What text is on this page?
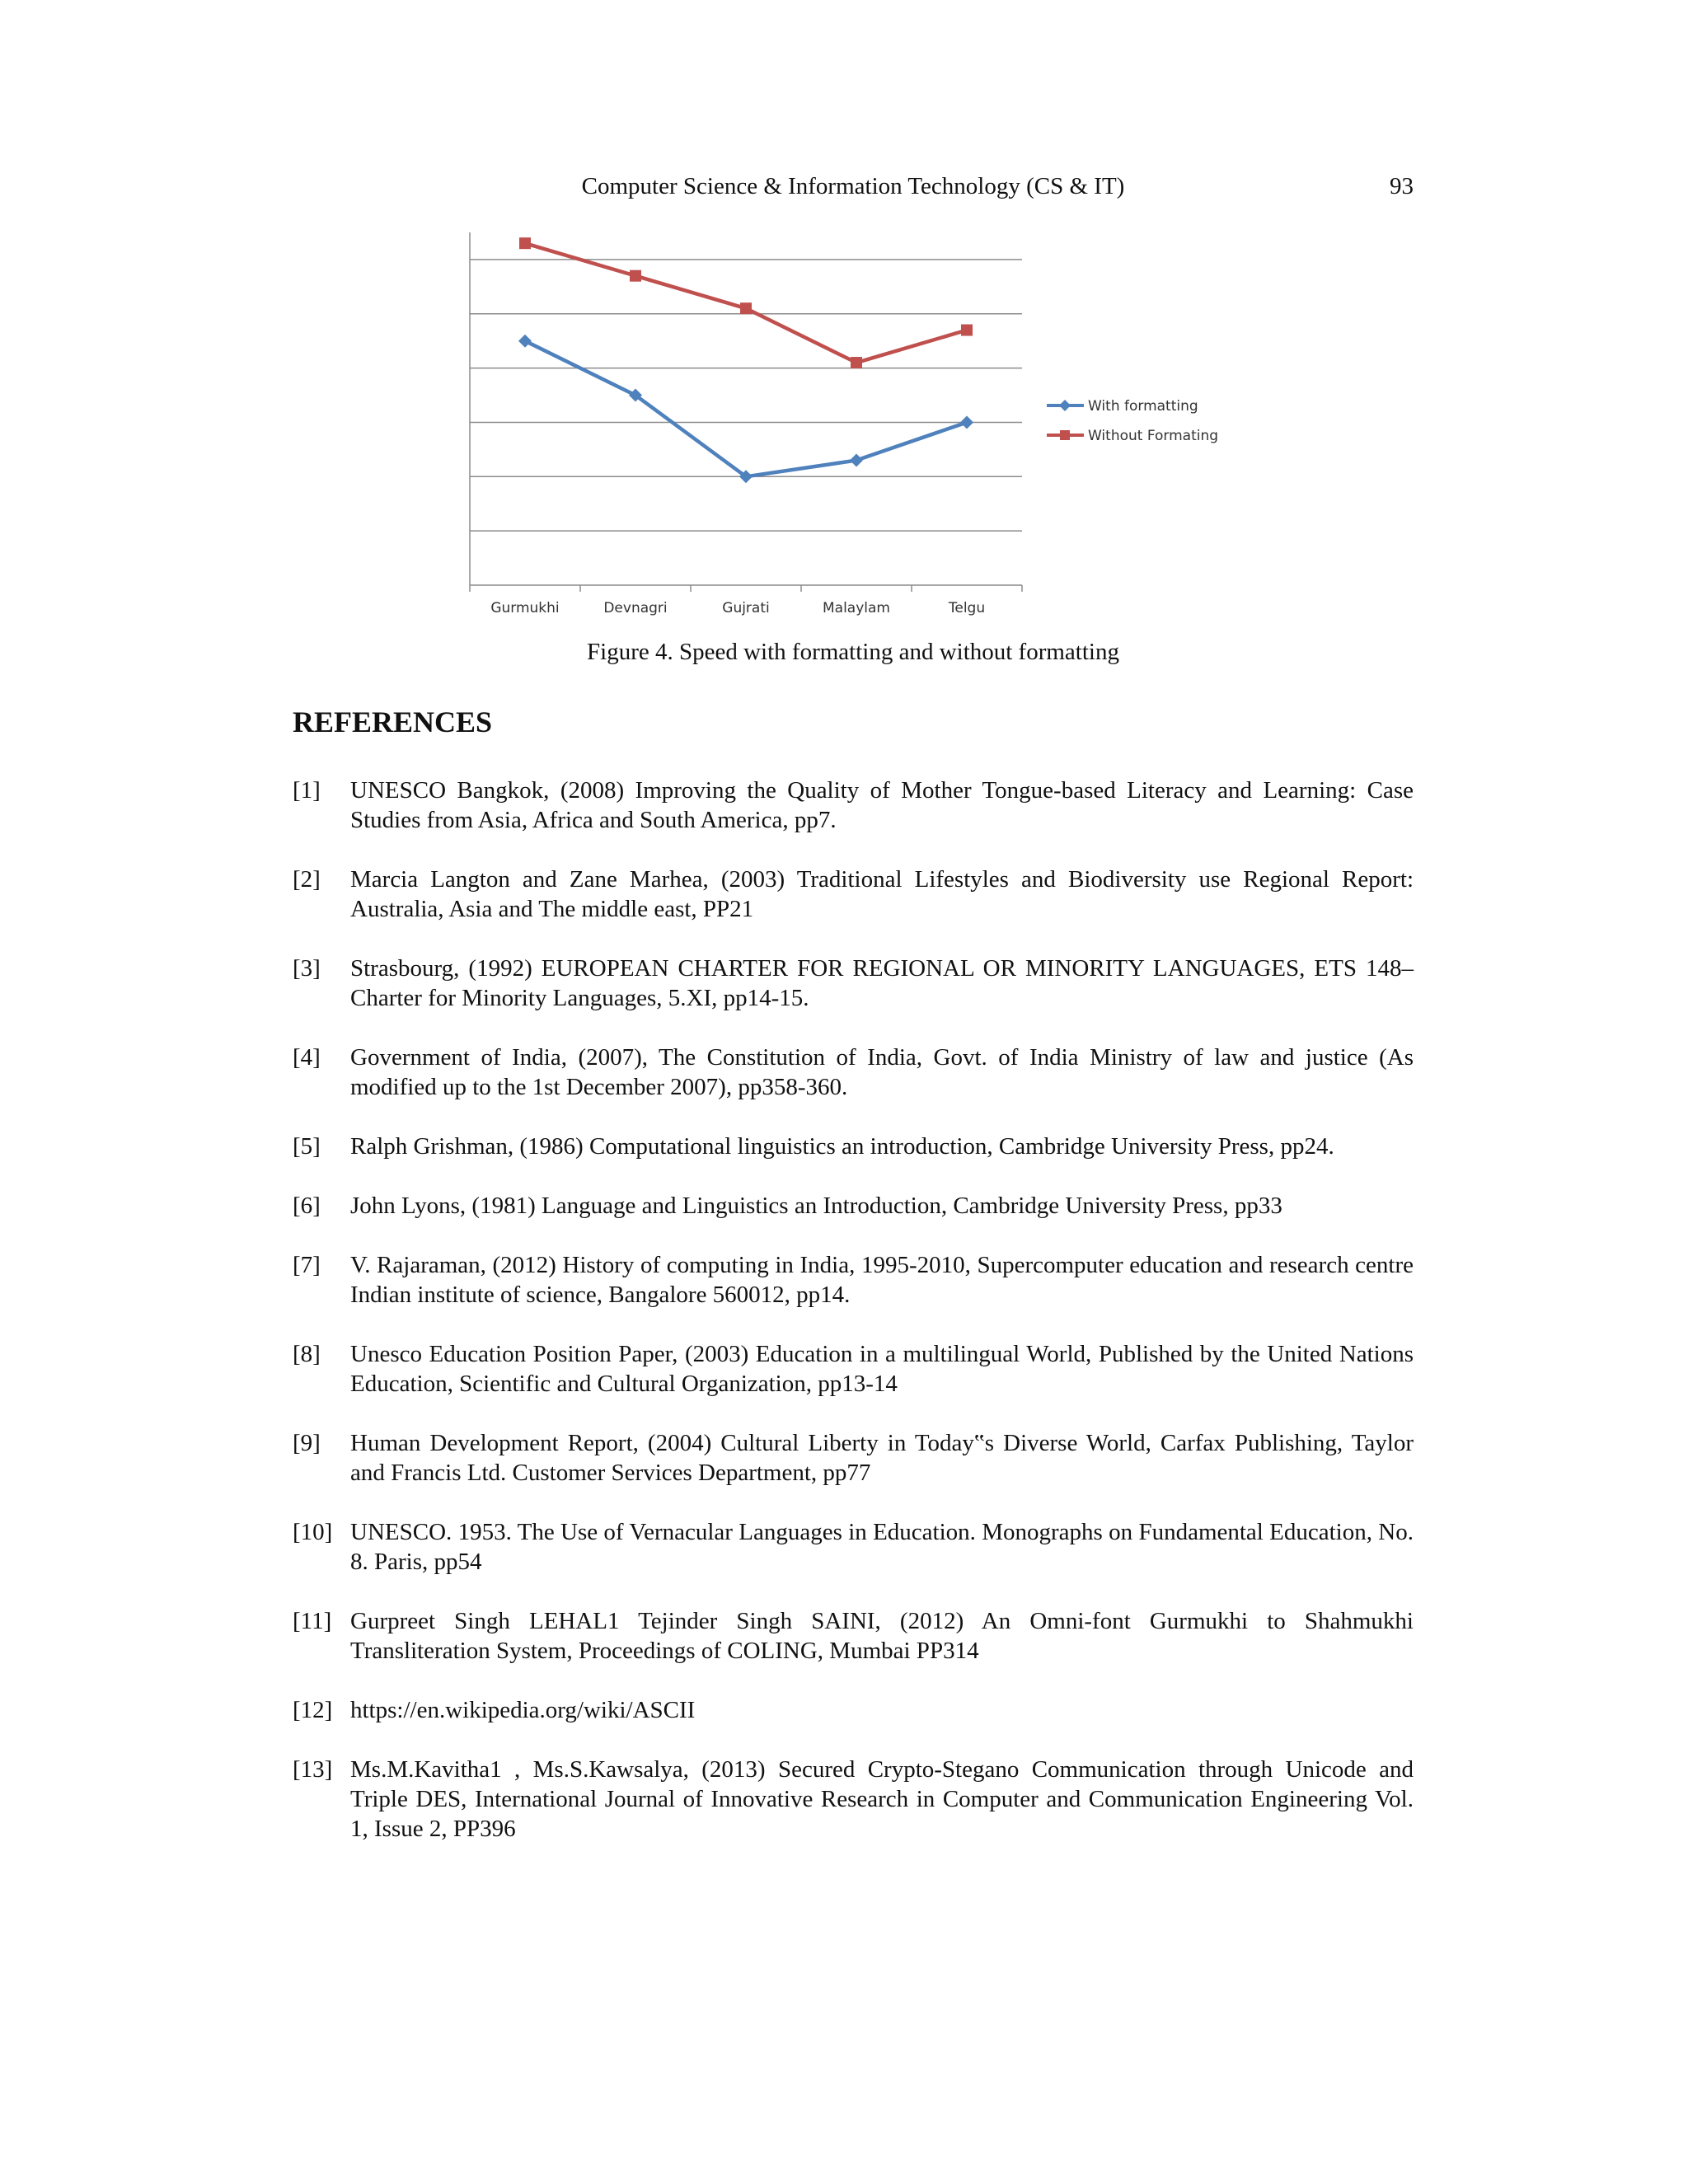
Computer Science & Information Technology (CS & IT)	93
Gurmukhi	Devnagri	Gujrati	Malaylam	Telgu
With formatting
Without Formating
Figure 4. Speed with formatting and without formatting
REFERENCES
[1] UNESCO Bangkok, (2008) Improving the Quality of Mother Tongue-based Literacy and Learning: Case Studies from Asia, Africa and South America, pp7.
[2] Marcia Langton and Zane Marhea, (2003) Traditional Lifestyles and Biodiversity use Regional Report: Australia, Asia and The middle east, PP21
[3] Strasbourg, (1992) EUROPEAN CHARTER FOR REGIONAL OR MINORITY LANGUAGES, ETS 148–Charter for Minority Languages, 5.XI, pp14-15.
[4] Government of India, (2007), The Constitution of India, Govt. of India Ministry of law and justice (As modified up to the 1st December 2007), pp358-360.
[5] Ralph Grishman, (1986) Computational linguistics an introduction, Cambridge University Press, pp24.
[6] John Lyons, (1981) Language and Linguistics an Introduction, Cambridge University Press, pp33
[7] V. Rajaraman, (2012) History of computing in India, 1995-2010, Supercomputer education and research centre Indian institute of science, Bangalore 560012, pp14.
[8] Unesco Education Position Paper, (2003) Education in a multilingual World, Published by the United Nations Education, Scientific and Cultural Organization, pp13-14
[9] Human Development Report, (2004) Cultural Liberty in Today‟s Diverse World, Carfax Publishing, Taylor and Francis Ltd. Customer Services Department, pp77
[10] UNESCO. 1953. The Use of Vernacular Languages in Education. Monographs on Fundamental Education, No. 8. Paris, pp54
[11] Gurpreet Singh LEHAL1 Tejinder Singh SAINI, (2012) An Omni-font Gurmukhi to Shahmukhi Transliteration System, Proceedings of COLING, Mumbai PP314
[12] https://en.wikipedia.org/wiki/ASCII
[13] Ms.M.Kavitha1 , Ms.S.Kawsalya, (2013) Secured Crypto-Stegano Communication through Unicode and Triple DES, International Journal of Innovative Research in Computer and Communication Engineering Vol. 1, Issue 2, PP396
